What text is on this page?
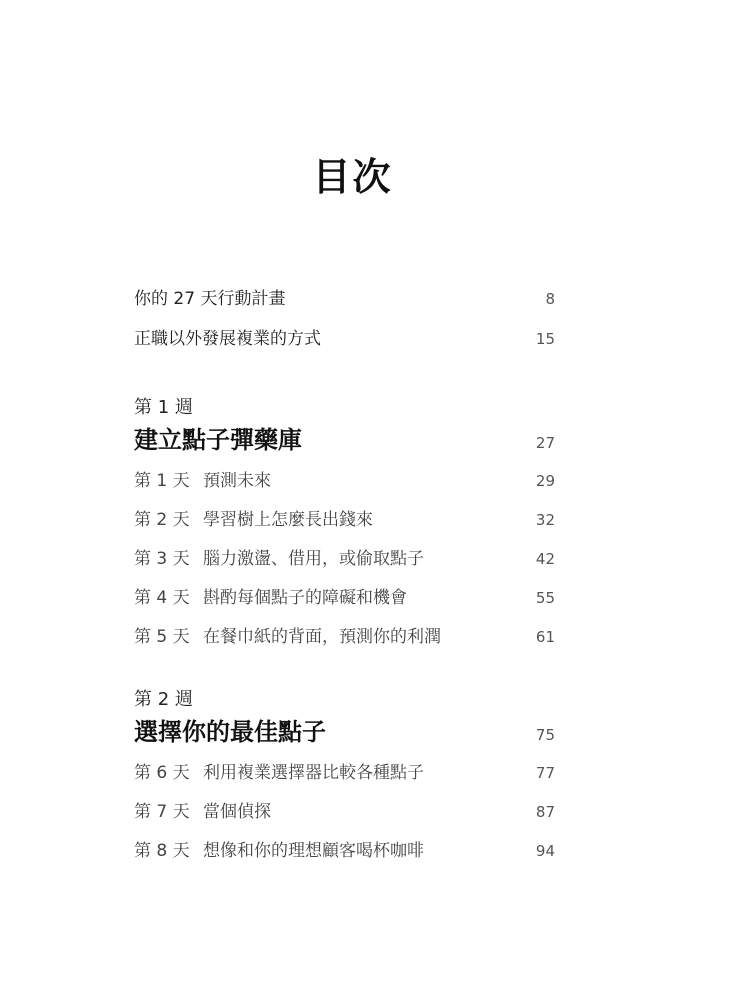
目次
你的 27 天行動計畫	8
正職以外發展複業的方式	15
第 1 週
建立點子彈藥庫	27
第 1 天 預測未來	29
第 2 天 學習樹上怎麼長出錢來	32
第 3 天 腦力激盪、借用，或偷取點子	42
第 4 天 斟酌每個點子的障礙和機會	55
第 5 天 在餐巾紙的背面，預測你的利潤	61
第 2 週
選擇你的最佳點子	75
第 6 天 利用複業選擇器比較各種點子	77
第 7 天 當個偵探	87
第 8 天 想像和你的理想顧客喝杯咖啡	94
